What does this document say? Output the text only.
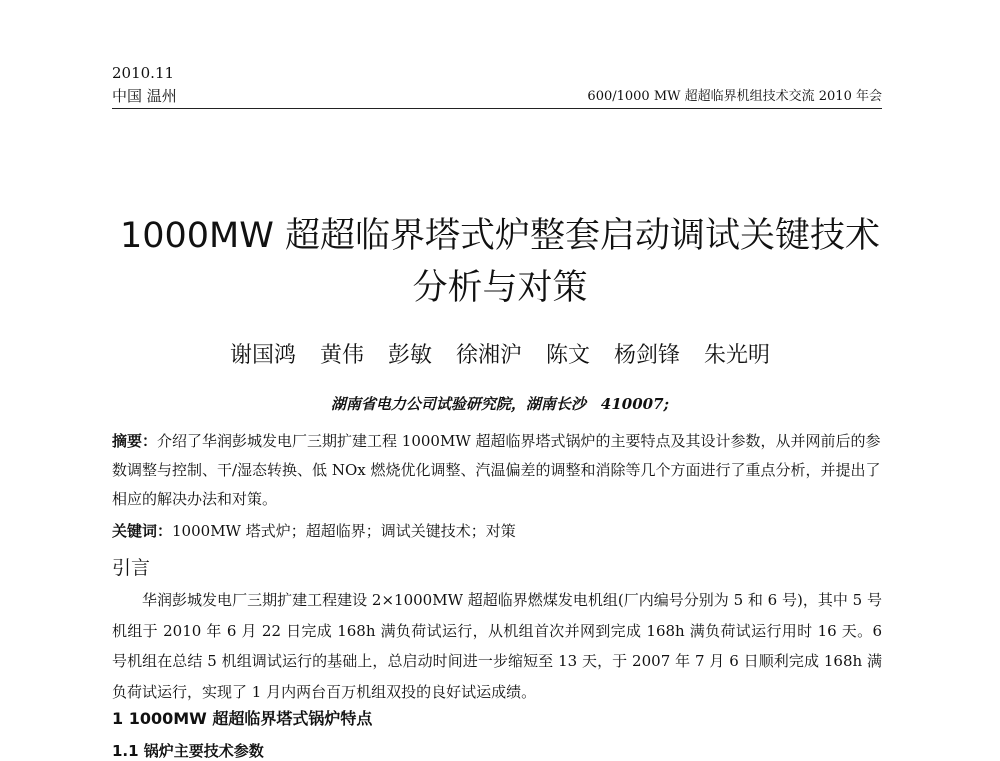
2010.11
中国 温州	600/1000 MW 超超临界机组技术交流 2010 年会
1000MW 超超临界塔式炉整套启动调试关键技术
分析与对策
谢国鸿 黄伟 彭敏 徐湘沪 陈文 杨剑锋 朱光明
湖南省电力公司试验研究院，湖南长沙　410007;
摘要：介绍了华润彭城发电厂三期扩建工程 1000MW 超超临界塔式锅炉的主要特点及其设计参数，从并网前后的参数调整与控制、干/湿态转换、低 NOx 燃烧优化调整、汽温偏差的调整和消除等几个方面进行了重点分析，并提出了相应的解决办法和对策。
关键词：1000MW 塔式炉；超超临界；调试关键技术；对策
引言
华润彭城发电厂三期扩建工程建设 2×1000MW 超超临界燃煤发电机组(厂内编号分别为 5 和 6 号)，其中 5 号机组于 2010 年 6 月 22 日完成 168h 满负荷试运行，从机组首次并网到完成 168h 满负荷试运行用时 16 天。6 号机组在总结 5 机组调试运行的基础上，总启动时间进一步缩短至 13 天，于 2007 年 7 月 6 日顺利完成 168h 满负荷试运行，实现了 1 月内两台百万机组双投的良好试运成绩。
1 1000MW 超超临界塔式锅炉特点
1.1 锅炉主要技术参数
